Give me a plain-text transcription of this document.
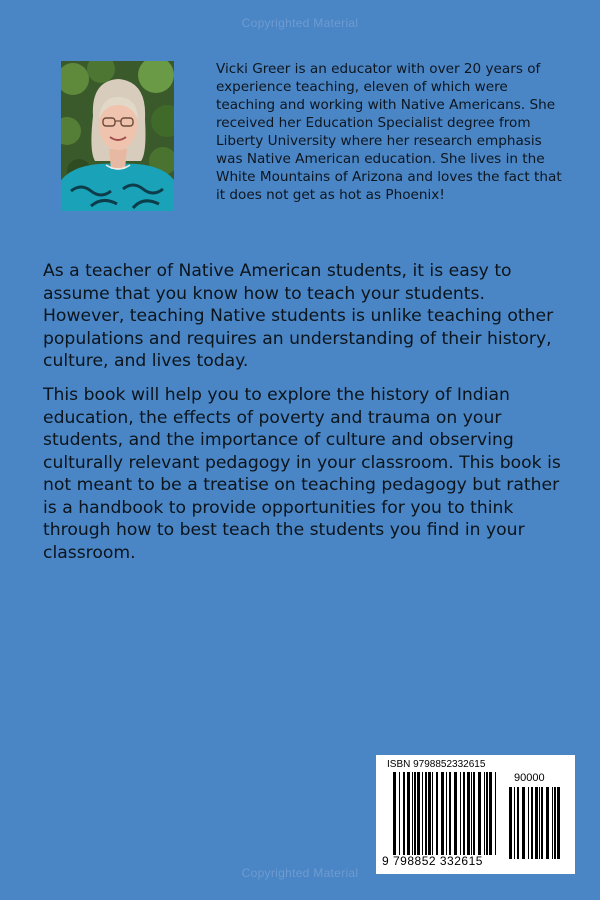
Copyrighted Material

Vicki Greer is an educator with over 20 years of experience teaching, eleven of which were teaching and working with Native Americans. She received her Education Specialist degree from Liberty University where her research emphasis was Native American education. She lives in the White Mountains of Arizona and loves the fact that it does not get as hot as Phoenix!

As a teacher of Native American students, it is easy to assume that you know how to teach your students. However, teaching Native students is unlike teaching other populations and requires an understanding of their history, culture, and lives today.

This book will help you to explore the history of Indian education, the effects of poverty and trauma on your students, and the importance of culture and observing culturally relevant pedagogy in your classroom. This book is not meant to be a treatise on teaching pedagogy but rather is a handbook to provide opportunities for you to think through how to best teach the students you find in your classroom.

ISBN 9798852332615
90000
9 798852 332615
Copyrighted Material
